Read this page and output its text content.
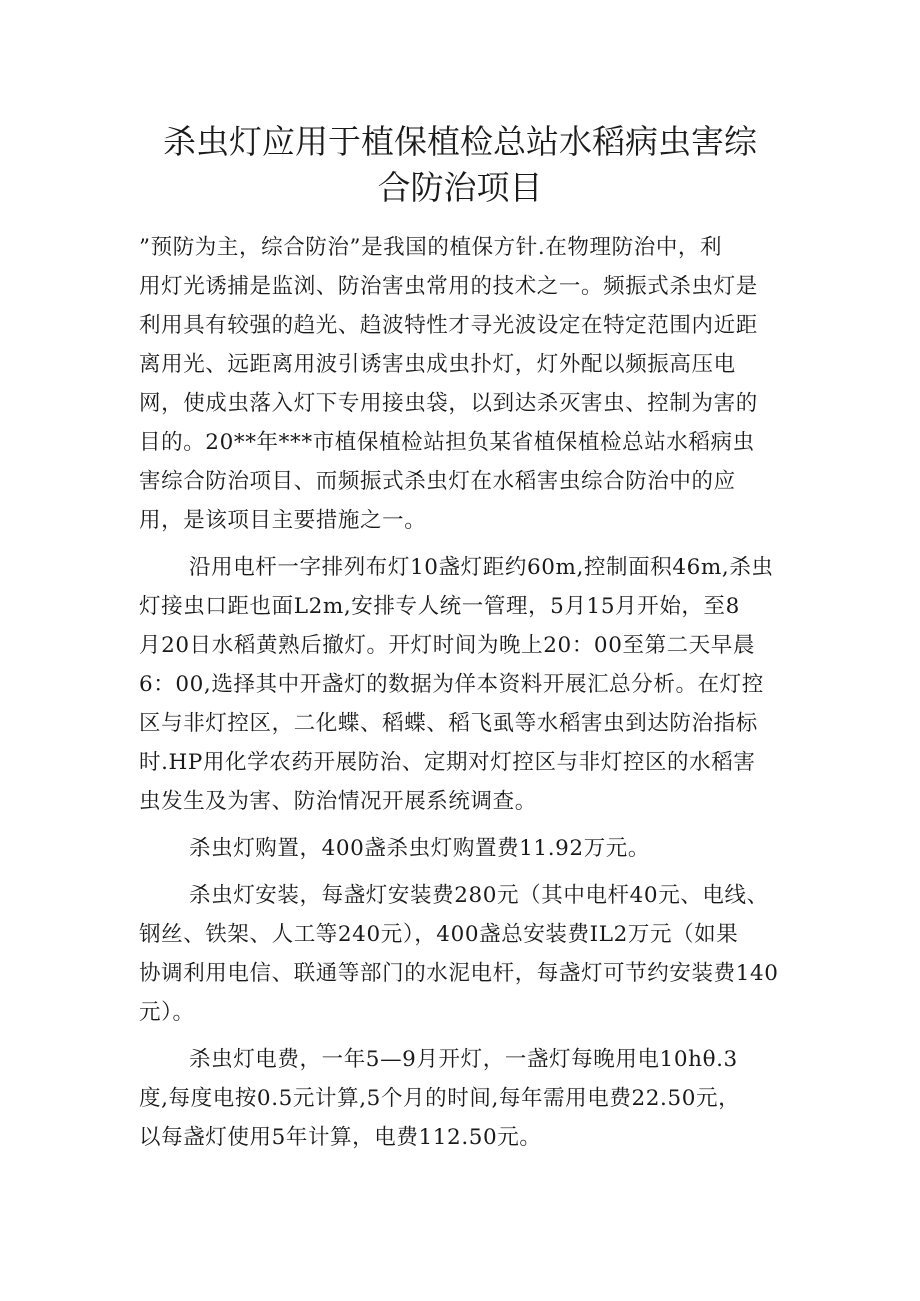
杀虫灯应用于植保植检总站水稻病虫害综
合防治项目
”预防为主，综合防治”是我国的植保方针.在物理防治中，利
用灯光诱捕是监浏、防治害虫常用的技术之一。频振式杀虫灯是
利用具有较强的趋光、趋波特性才寻光波设定在特定范围内近距
离用光、远距离用波引诱害虫成虫扑灯，灯外配以频振高压电
网，使成虫落入灯下专用接虫袋，以到达杀灭害虫、控制为害的
目的。20**年***市植保植检站担负某省植保植检总站水稻病虫
害综合防治项目、而频振式杀虫灯在水稻害虫综合防治中的应
用，是该项目主要措施之一。
沿用电杆一字排列布灯10盏灯距约60m,控制面积46m,杀虫
灯接虫口距也面L2m,安排专人统一管理，5月15月开始，至8
月20日水稻黄熟后撤灯。开灯时间为晚上20：00至第二天早晨
6：00,选择其中开盏灯的数据为佯本资料开展汇总分析。在灯控
区与非灯控区，二化蝶、稻蝶、稻飞虱等水稻害虫到达防治指标
时.HP用化学农药开展防治、定期对灯控区与非灯控区的水稻害
虫发生及为害、防治情况开展系统调查。
杀虫灯购置，400盏杀虫灯购置费11.92万元。
杀虫灯安装，每盏灯安装费280元（其中电杆40元、电线、
钢丝、铁架、人工等240元），400盏总安装费IL2万元（如果
协调利用电信、联通等部门的水泥电杆，每盏灯可节约安装费140
元）。
杀虫灯电费，一年5—9月开灯，一盏灯每晚用电10hθ.3
度,每度电按0.5元计算,5个月的时间,每年需用电费22.50元，
以每盏灯使用5年计算，电费112.50元。
